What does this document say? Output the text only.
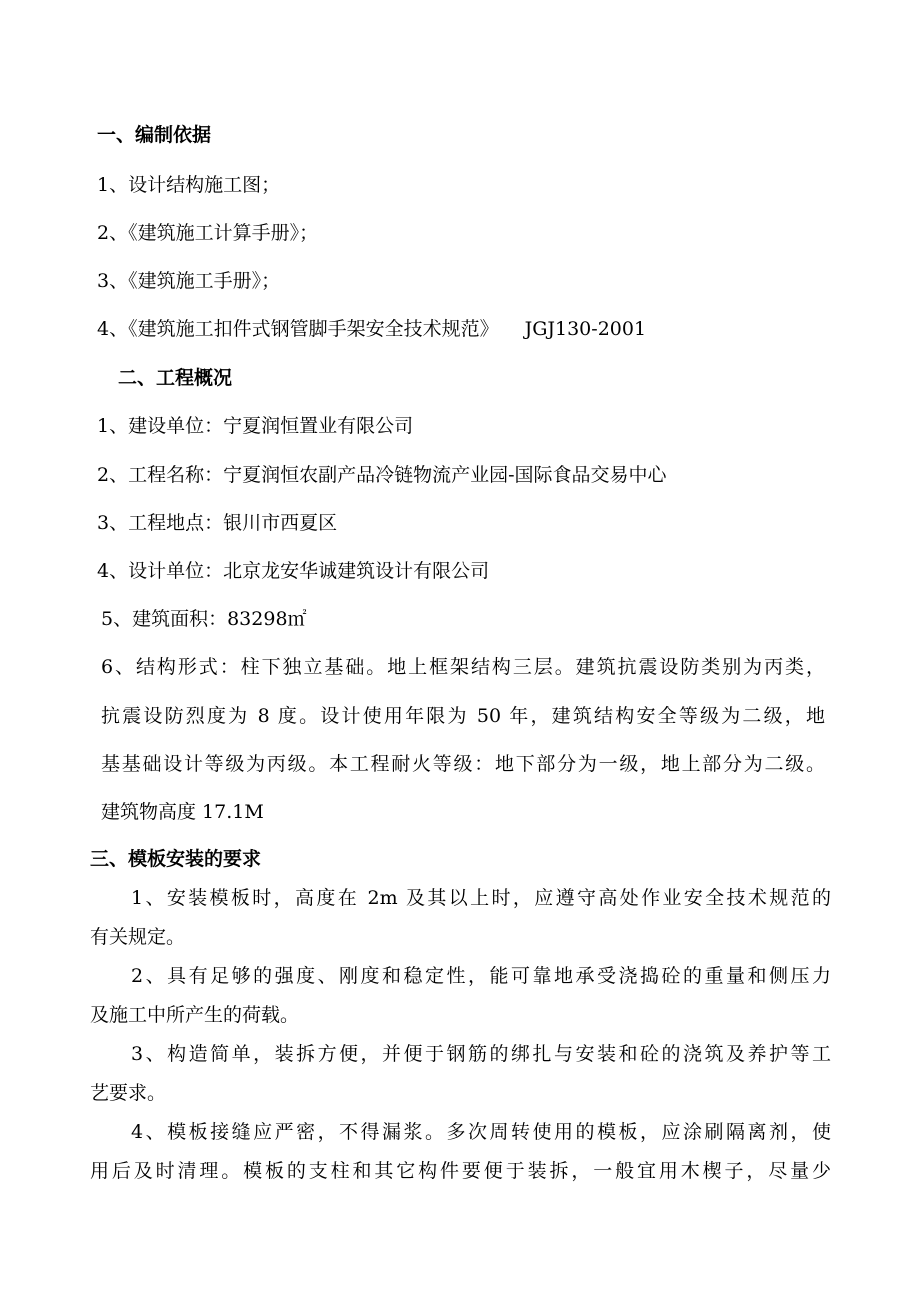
一、编制依据
1、设计结构施工图；
2、《建筑施工计算手册》；
3、《建筑施工手册》；
4、《建筑施工扣件式钢管脚手架安全技术规范》 JGJ130-2001
二、工程概况
1、建设单位：宁夏润恒置业有限公司
2、工程名称：宁夏润恒农副产品冷链物流产业园-国际食品交易中心
3、工程地点：银川市西夏区
4、设计单位：北京龙安华诚建筑设计有限公司
5、建筑面积：83298㎡
6、结构形式：柱下独立基础。地上框架结构三层。建筑抗震设防类别为丙类，
抗震设防烈度为 8 度。设计使用年限为 50 年，建筑结构安全等级为二级，地
基基础设计等级为丙级。本工程耐火等级：地下部分为一级，地上部分为二级。
建筑物高度 17.1M
三、模板安装的要求
1、安装模板时，高度在 2m 及其以上时，应遵守高处作业安全技术规范的
有关规定。
2、具有足够的强度、刚度和稳定性，能可靠地承受浇捣砼的重量和侧压力
及施工中所产生的荷载。
3、构造简单，装拆方便，并便于钢筋的绑扎与安装和砼的浇筑及养护等工
艺要求。
4、模板接缝应严密，不得漏浆。多次周转使用的模板，应涂刷隔离剂，使
用后及时清理。模板的支柱和其它构件要便于装拆，一般宜用木楔子，尽量少
